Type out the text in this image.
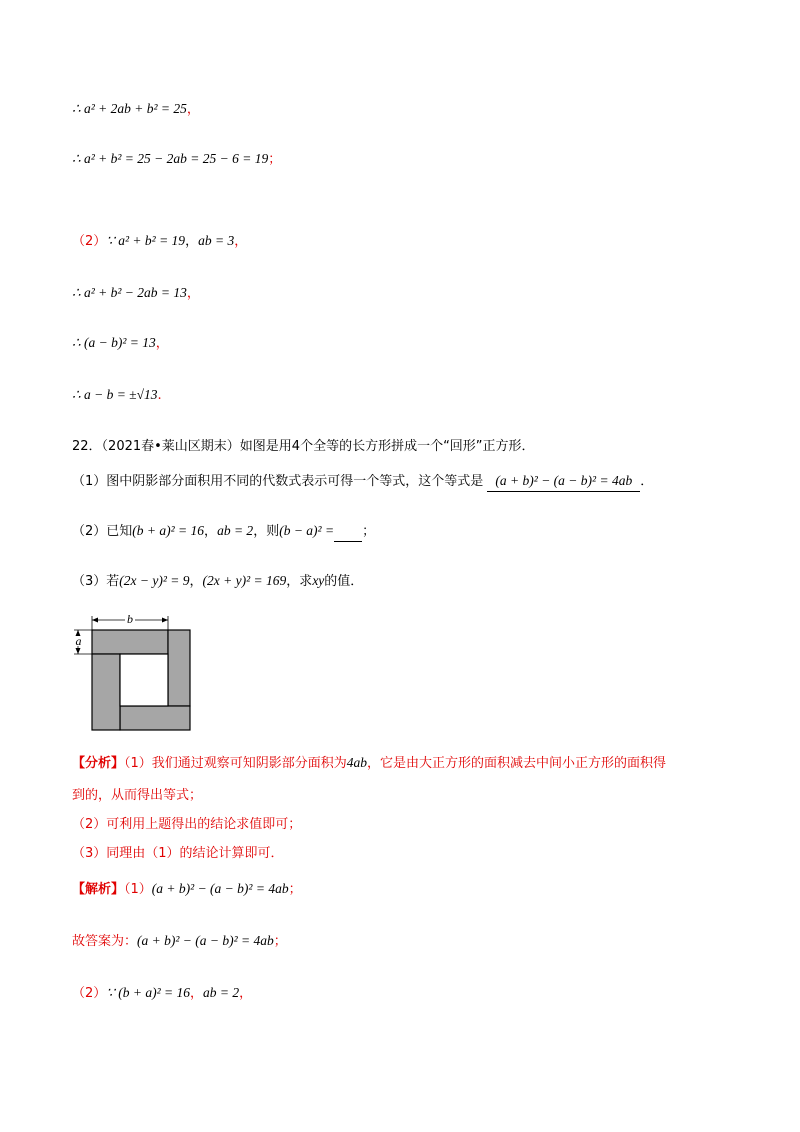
∴ a² + 2ab + b² = 25，
∴ a² + b² = 25 − 2ab = 25 − 6 = 19；
（2）∵ a² + b² = 19，ab = 3，
∴ a² + b² − 2ab = 13，
∴ (a − b)² = 13，
∴ a − b = ±√13.
22．（2021春•莱山区期末）如图是用4个全等的长方形拼成一个“回形”正方形．
（1）图中阴影部分面积用不同的代数式表示可得一个等式，这个等式是 (a + b)² − (a − b)² = 4ab ．
（2）已知(b + a)² = 16，ab = 2，则(b − a)² = ；
（3）若(2x − y)² = 9，(2x + y)² = 169，求xy的值．
b
a
【分析】（1）我们通过观察可知阴影部分面积为4ab，它是由大正方形的面积减去中间小正方形的面积得
到的，从而得出等式；
（2）可利用上题得出的结论求值即可；
（3）同理由（1）的结论计算即可．
【解析】（1）(a + b)² − (a − b)² = 4ab；
故答案为：(a + b)² − (a − b)² = 4ab；
（2）∵ (b + a)² = 16，ab = 2，
